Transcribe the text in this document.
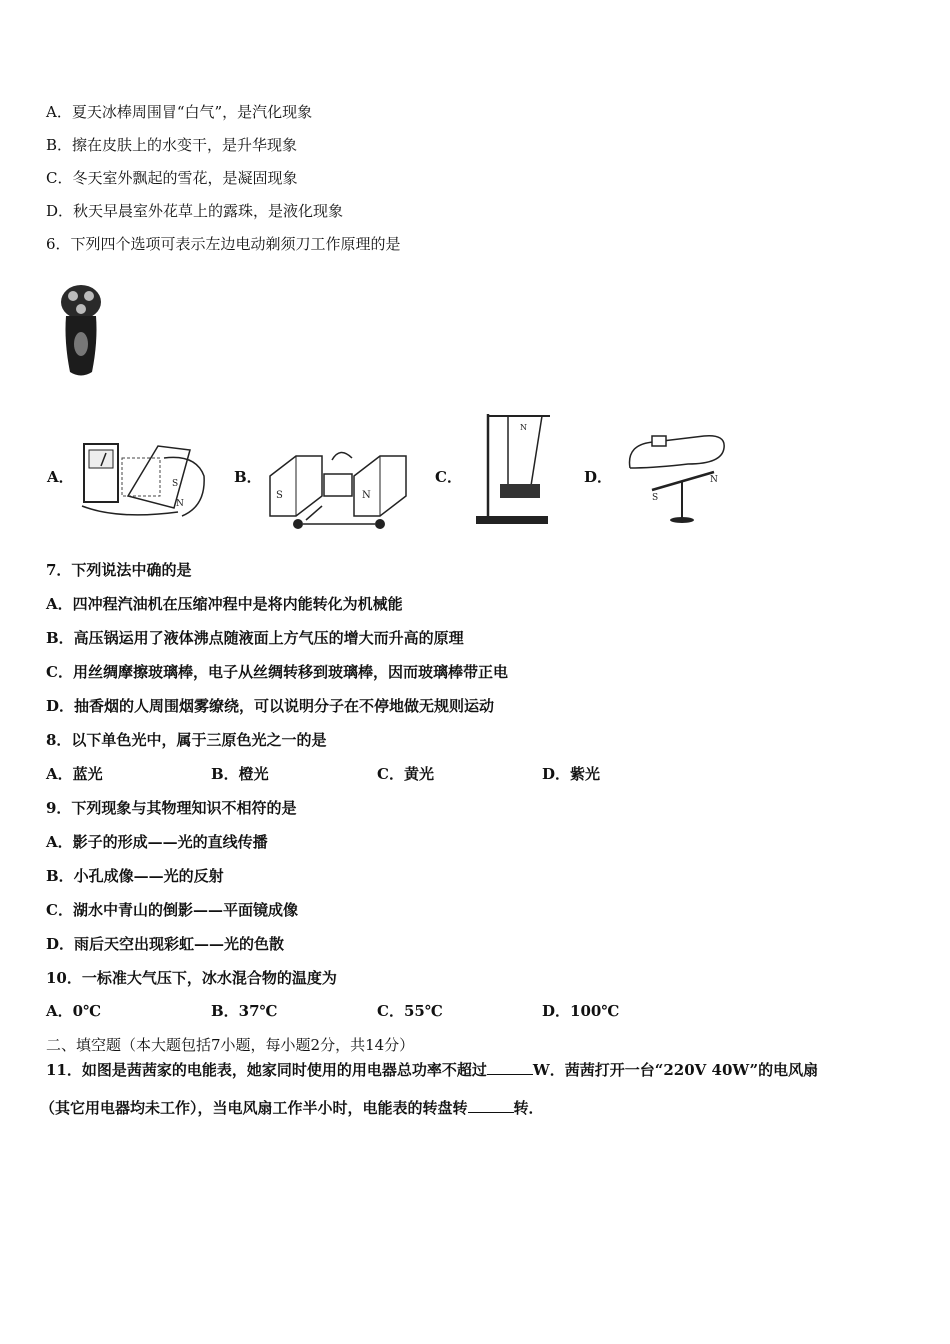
A．夏天冰棒周围冒“白气”，是汽化现象
B．擦在皮肤上的水变干，是升华现象
C．冬天室外飘起的雪花，是凝固现象
D．秋天早晨室外花草上的露珠，是液化现象
6．下列四个选项可表示左边电动剃须刀工作原理的是
A．	S
N
B．
S	N
C．
N
D．
S
N
7．下列说法中确的是
A．四冲程汽油机在压缩冲程中是将内能转化为机械能
B．高压锅运用了液体沸点随液面上方气压的增大而升高的原理
C．用丝绸摩擦玻璃棒，电子从丝绸转移到玻璃棒，因而玻璃棒带正电
D．抽香烟的人周围烟雾缭绕，可以说明分子在不停地做无规则运动
8．以下单色光中，属于三原色光之一的是
A．蓝光	B．橙光	C．黄光	D．紫光
9．下列现象与其物理知识不相符的是
A．影子的形成——光的直线传播
B．小孔成像——光的反射
C．湖水中青山的倒影——平面镜成像
D．雨后天空出现彩虹——光的色散
10．一标准大气压下，冰水混合物的温度为
A．0℃	B．37℃	C．55℃	D．100℃
二、填空题（本大题包括7小题，每小题2分，共14分）
11．如图是茜茜家的电能表，她家同时使用的用电器总功率不超过	W．茜茜打开一台“220V 40W”的电风扇
（其它用电器均未工作），当电风扇工作半小时，电能表的转盘转	转．
